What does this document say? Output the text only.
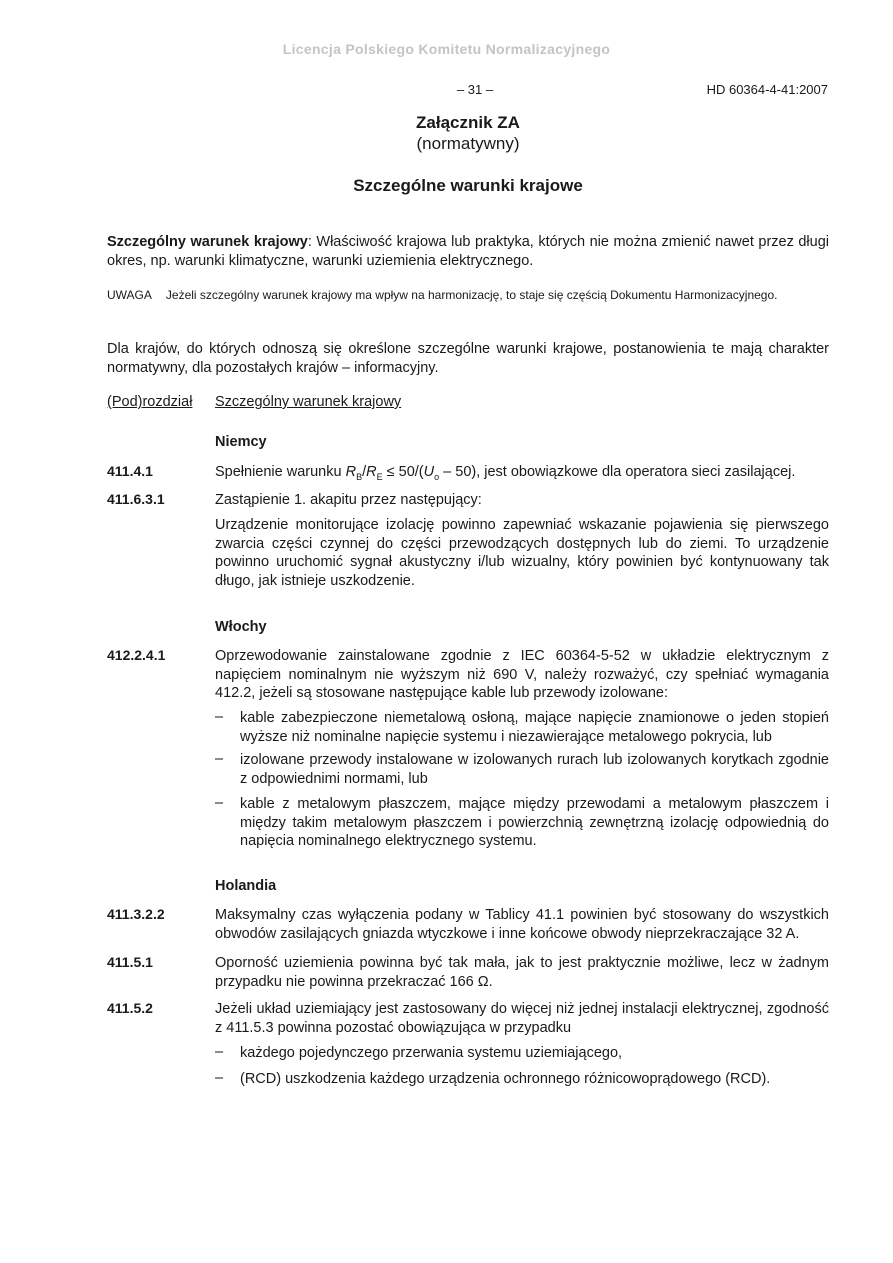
Licencja Polskiego Komitetu Normalizacyjnego
– 31 –	HD 60364-4-41:2007
Załącznik ZA
(normatywny)
Szczególne warunki krajowe
Szczególny warunek krajowy: Właściwość krajowa lub praktyka, których nie można zmienić nawet przez długi okres, np. warunki klimatyczne, warunki uziemienia elektrycznego.
UWAGA Jeżeli szczególny warunek krajowy ma wpływ na harmonizację, to staje się częścią Dokumentu Harmonizacyjnego.
Dla krajów, do których odnoszą się określone szczególne warunki krajowe, postanowienia te mają charakter normatywny, dla pozostałych krajów – informacyjny.
(Pod)rozdział Szczególny warunek krajowy
Niemcy
411.4.1	Spełnienie warunku $R_B/R_E \le 50/(U_o - 50)$, jest obowiązkowe dla operatora sieci zasilającej.
411.6.3.1	Zastąpienie 1. akapitu przez następujący:
Urządzenie monitorujące izolację powinno zapewniać wskazanie pojawienia się pierwszego zwarcia części czynnej do części przewodzących dostępnych lub do ziemi. To urządzenie powinno uruchomić sygnał akustyczny i/lub wizualny, który powinien być kontynuowany tak długo, jak istnieje uszkodzenie.
Włochy
412.2.4.1	Oprzewodowanie zainstalowane zgodnie z IEC 60364-5-52 w układzie elektrycznym z napięciem nominalnym nie wyższym niż 690 V, należy rozważyć, czy spełniać wymagania 412.2, jeżeli są stosowane następujące kable lub przewody izolowane:
– kable zabezpieczone niemetalową osłoną, mające napięcie znamionowe o jeden stopień wyższe niż nominalne napięcie systemu i niezawierające metalowego pokrycia, lub
– izolowane przewody instalowane w izolowanych rurach lub izolowanych korytkach zgodnie z odpowiednimi normami, lub
– kable z metalowym płaszczem, mające między przewodami a metalowym płaszczem i między takim metalowym płaszczem i powierzchnią zewnętrzną izolację odpowiednią do napięcia nominalnego elektrycznego systemu.
Holandia
411.3.2.2	Maksymalny czas wyłączenia podany w Tablicy 41.1 powinien być stosowany do wszystkich obwodów zasilających gniazda wtyczkowe i inne końcowe obwody nieprzekraczające 32 A.
411.5.1	Oporność uziemienia powinna być tak mała, jak to jest praktycznie możliwe, lecz w żadnym przypadku nie powinna przekraczać 166 Ω.
411.5.2	Jeżeli układ uziemiający jest zastosowany do więcej niż jednej instalacji elektrycznej, zgodność z 411.5.3 powinna pozostać obowiązująca w przypadku
– każdego pojedynczego przerwania systemu uziemiającego,
– (RCD) uszkodzenia każdego urządzenia ochronnego różnicowoprądowego (RCD).
